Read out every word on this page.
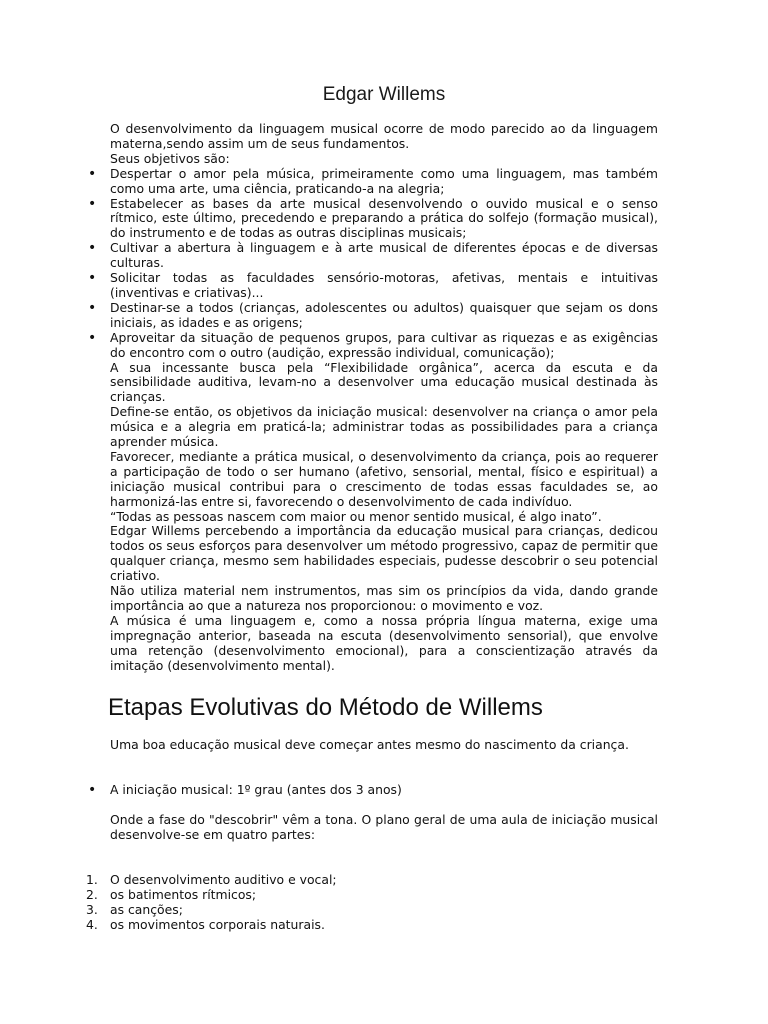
Edgar Willems
O desenvolvimento da linguagem musical ocorre de modo parecido ao da linguagem materna,sendo assim um de seus fundamentos.
Seus objetivos são:
• Despertar o amor pela música, primeiramente como uma linguagem, mas também como uma arte, uma ciência, praticando-a na alegria;
• Estabelecer as bases da arte musical desenvolvendo o ouvido musical e o senso rítmico, este último, precedendo e preparando a prática do solfejo (formação musical), do instrumento e de todas as outras disciplinas musicais;
• Cultivar a abertura à linguagem e à arte musical de diferentes épocas e de diversas culturas.
• Solicitar todas as faculdades sensório-motoras, afetivas, mentais e intuitivas (inventivas e criativas)...
• Destinar-se a todos (crianças, adolescentes ou adultos) quaisquer que sejam os dons iniciais, as idades e as origens;
• Aproveitar da situação de pequenos grupos, para cultivar as riquezas e as exigências do encontro com o outro (audição, expressão individual, comunicação);
A sua incessante busca pela “Flexibilidade orgânica”, acerca da escuta e da sensibilidade auditiva, levam-no a desenvolver uma educação musical destinada às crianças.
Define-se então, os objetivos da iniciação musical: desenvolver na criança o amor pela música e a alegria em praticá-la; administrar todas as possibilidades para a criança aprender música.
Favorecer, mediante a prática musical, o desenvolvimento da criança, pois ao requerer a participação de todo o ser humano (afetivo, sensorial, mental, físico e espiritual) a iniciação musical contribui para o crescimento de todas essas faculdades se, ao harmonizá-las entre si, favorecendo o desenvolvimento de cada indivíduo.
“Todas as pessoas nascem com maior ou menor sentido musical, é algo inato”.
Edgar Willems percebendo a importância da educação musical para crianças, dedicou todos os seus esforços para desenvolver um método progressivo, capaz de permitir que qualquer criança, mesmo sem habilidades especiais, pudesse descobrir o seu potencial criativo.
Não utiliza material nem instrumentos, mas sim os princípios da vida, dando grande importância ao que a natureza nos proporcionou: o movimento e voz.
A música é uma linguagem e, como a nossa própria língua materna, exige uma impregnação anterior, baseada na escuta (desenvolvimento sensorial), que envolve uma retenção (desenvolvimento emocional), para a conscientização através da imitação (desenvolvimento mental).
Etapas Evolutivas do Método de Willems
Uma boa educação musical deve começar antes mesmo do nascimento da criança.
• A iniciação musical: 1º grau (antes dos 3 anos)
Onde a fase do "descobrir" vêm a tona. O plano geral de uma aula de iniciação musical desenvolve-se em quatro partes:
1. O desenvolvimento auditivo e vocal;
2. os batimentos rítmicos;
3. as canções;
4. os movimentos corporais naturais.
